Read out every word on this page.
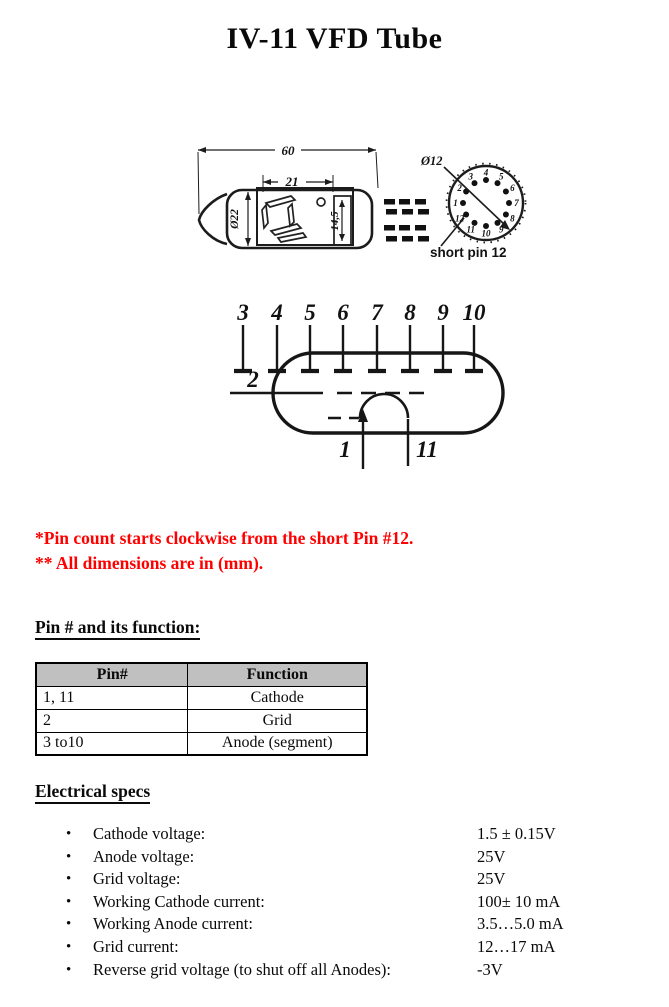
IV-11 VFD Tube
60
21
Ø22	14,5
Ø12
4 5
6
7
8
9
10
11
12
1
2
3
short pin 12
3 4 5 6 7 8 9 10
2
1	11
*Pin count starts clockwise from the short Pin #12.
** All dimensions are in (mm).
Pin # and its function:
Pin#	Function
1, 11	Cathode
2	Grid
3 to10	Anode (segment)
Electrical specs
• Cathode voltage:	1.5 ± 0.15V
• Anode voltage:	25V
• Grid voltage:	25V
• Working Cathode current:	100± 10 mA
• Working Anode current:	3.5…5.0 mA
• Grid current:	12…17 mA
• Reverse grid voltage (to shut off all Anodes):	-3V
